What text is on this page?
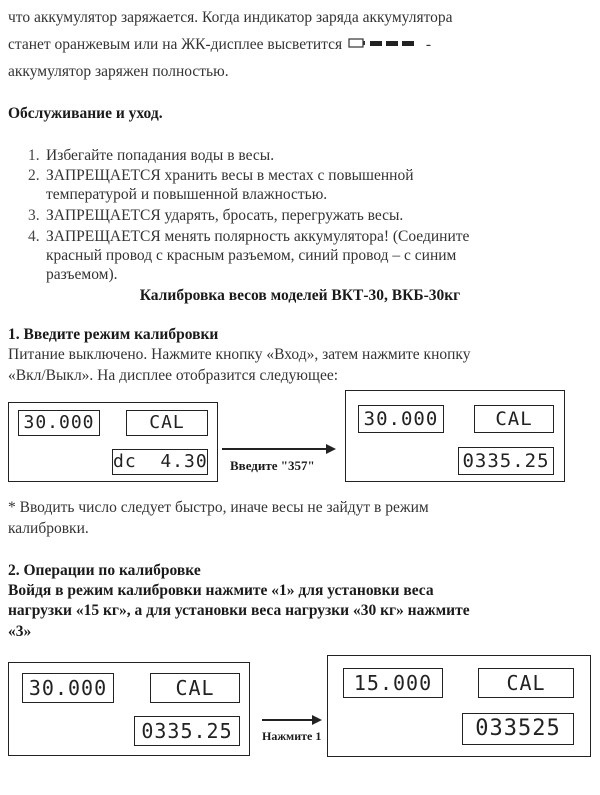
что аккумулятор заряжается. Когда индикатор заряда аккумулятора
станет оранжевым или на ЖК-дисплее высветится	-
аккумулятор заряжен полностью.
Обслуживание и уход.
1. Избегайте попадания воды в весы.
2. ЗАПРЕЩАЕТСЯ хранить весы в местах с повышенной
температурой и повышенной влажностью.
3. ЗАПРЕЩАЕТСЯ ударять, бросать, перегружать весы.
4. ЗАПРЕЩАЕТСЯ менять полярность аккумулятора! (Соедините
красный провод с красным разъемом, синий провод – с синим
разъемом).
Калибровка весов моделей ВКТ-30, ВКБ-30кг
1. Введите режим калибровки
Питание выключено. Нажмите кнопку «Вход», затем нажмите кнопку
«Вкл/Выкл». На дисплее отобразится следующее:
30.000	CAL
dc  4.30 Введите "357"
30.000	CAL
0335.25
* Вводить число следует быстро, иначе весы не зайдут в режим
калибровки.
2. Операции по калибровке
Войдя в режим калибровки нажмите «1» для установки веса
нагрузки «15 кг», а для установки веса нагрузки «30 кг» нажмите
«3»
30.000	CAL
0335.25	Нажмите 1
15.000	CAL
033525
